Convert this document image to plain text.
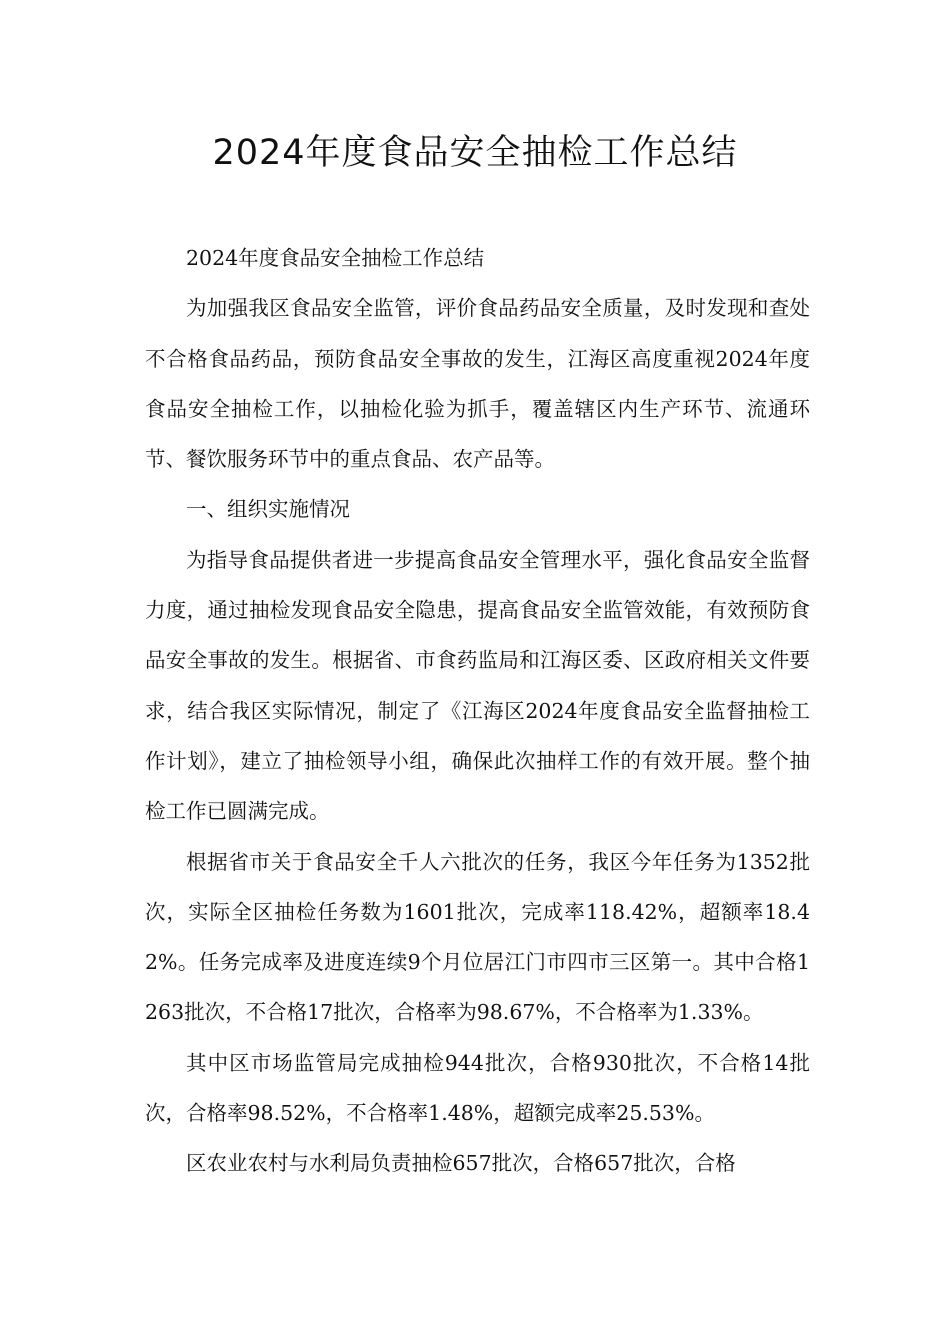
2024年度食品安全抽检工作总结

2024年度食品安全抽检工作总结

为加强我区食品安全监管，评价食品药品安全质量，及时发现和查处不合格食品药品，预防食品安全事故的发生，江海区高度重视2024年度食品安全抽检工作，以抽检化验为抓手，覆盖辖区内生产环节、流通环节、餐饮服务环节中的重点食品、农产品等。

一、组织实施情况

为指导食品提供者进一步提高食品安全管理水平，强化食品安全监督力度，通过抽检发现食品安全隐患，提高食品安全监管效能，有效预防食品安全事故的发生。根据省、市食药监局和江海区委、区政府相关文件要求，结合我区实际情况，制定了《江海区2024年度食品安全监督抽检工作计划》，建立了抽检领导小组，确保此次抽样工作的有效开展。整个抽检工作已圆满完成。

根据省市关于食品安全千人六批次的任务，我区今年任务为1352批次，实际全区抽检任务数为1601批次，完成率118.42%，超额率18.42%。任务完成率及进度连续9个月位居江门市四市三区第一。其中合格1263批次，不合格17批次，合格率为98.67%，不合格率为1.33%。

其中区市场监管局完成抽检944批次，合格930批次，不合格14批次，合格率98.52%，不合格率1.48%，超额完成率25.53%。

区农业农村与水利局负责抽检657批次，合格657批次，合格
